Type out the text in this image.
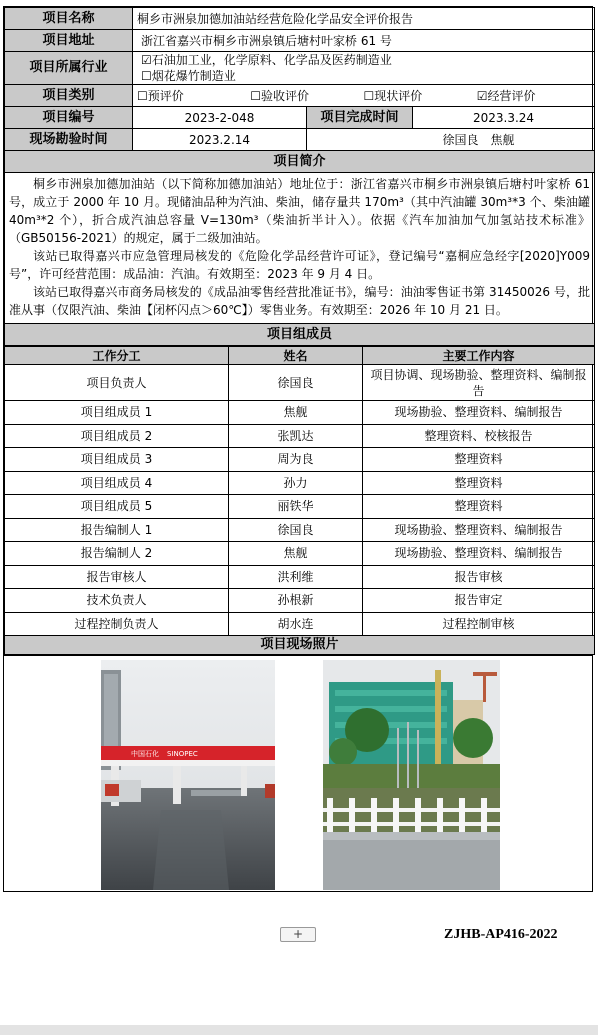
项目名称	桐乡市洲泉加德加油站经营危险化学品安全评价报告		
项目地址	浙江省嘉兴市桐乡市洲泉镇后塘村叶家桥 61 号		
项目所属行业	☑石油加工业，化学原料、化学品及医药制造业
☐烟花爆竹制造业		

项目类别	☐预评价 ☐验收评价 ☐现状评价 ☑经营评价		
项目编号	2023-2-048	项目完成时间	2023.3.24
现场勘验时间	2023.2.14	徐国良　焦舰	
项目简介			

桐乡市洲泉加德加油站（以下简称加德加油站）地址位于：浙江省嘉兴市桐乡市洲泉镇后塘村叶家桥 61 号，成立于 2000 年 10 月。现储油品种为汽油、柴油，储存量共 170m³（其中汽油罐 30m³*3 个、柴油罐 40m³*2 个），折合成汽油总容量 V=130m³（柴油折半计入）。依据《汽车加油加气加氢站技术标准》（GB50156-2021）的规定，属于二级加油站。

该站已取得嘉兴市应急管理局核发的《危险化学品经营许可证》，登记编号“嘉桐应急经字[2020]Y009 号”，许可经营范围：成品油：汽油。有效期至：2023 年 9 月 4 日。

该站已取得嘉兴市商务局核发的《成品油零售经营批准证书》，编号：油油零售证书第 31450026 号，批准从事（仅限汽油、柴油【闭杯闪点＞60℃】）零售业务。有效期至：2026 年 10 月 21 日。			

项目组成员			
工作分工	姓名	主要工作内容
项目负责人	徐国良	项目协调、现场勘验、整理资料、编制报告
项目组成员 1	焦舰	现场勘验、整理资料、编制报告
项目组成员 2	张凯达	整理资料、校核报告
项目组成员 3	周为良	整理资料
项目组成员 4	孙力	整理资料
项目组成员 5	丽铁华	整理资料
报告编制人 1	徐国良	现场勘验、整理资料、编制报告
报告编制人 2	焦舰	现场勘验、整理资料、编制报告
报告审核人	洪利维	报告审核
技术负责人	孙根新	报告审定
过程控制负责人	胡水连	过程控制审核
项目现场照片		
中国石化 SINOPEC
+	ZJHB-AP416-2022
